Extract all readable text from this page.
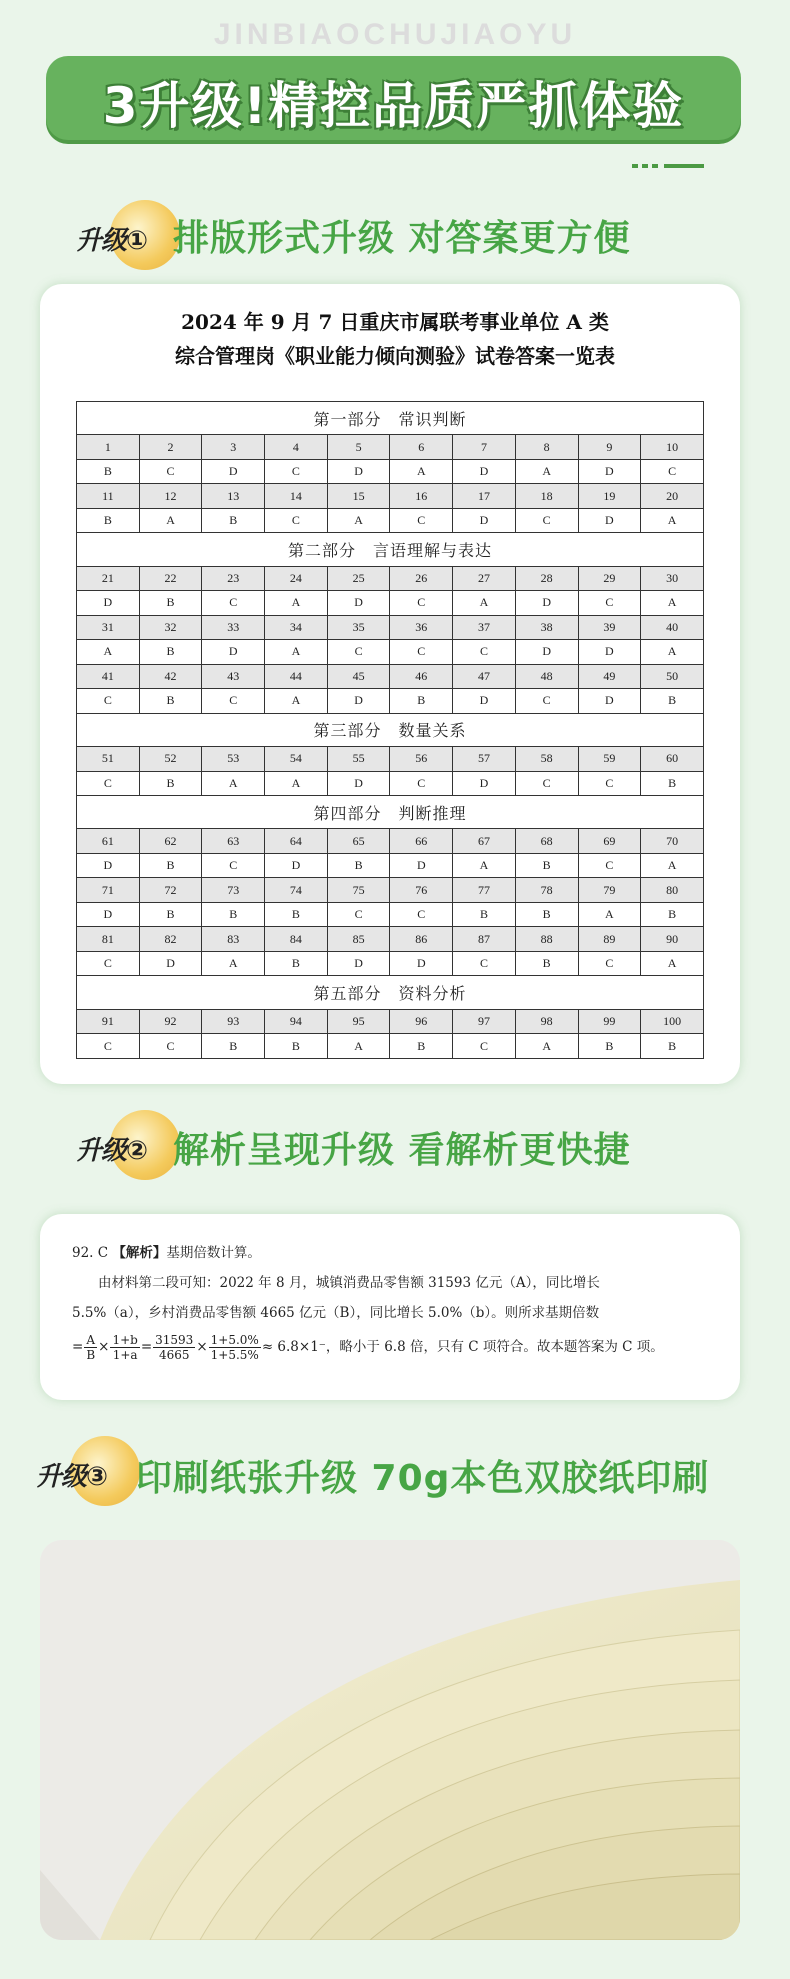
JINBIAOCHUJIAOYU
3升级!精控品质严抓体验
升级① 排版形式升级 对答案更方便
2024 年 9 月 7 日重庆市属联考事业单位 A 类
综合管理岗《职业能力倾向测验》试卷答案一览表
第一部分　常识判断									
1	2	3	4	5	6	7	8	9	10
B	C	D	C	D	A	D	A	D	C
11	12	13	14	15	16	17	18	19	20
B	A	B	C	A	C	D	C	D	A
第二部分　言语理解与表达									
21	22	23	24	25	26	27	28	29	30
D	B	C	A	D	C	A	D	C	A
31	32	33	34	35	36	37	38	39	40
A	B	D	A	C	C	C	D	D	A
41	42	43	44	45	46	47	48	49	50
C	B	C	A	D	B	D	C	D	B
第三部分　数量关系									
51	52	53	54	55	56	57	58	59	60
C	B	A	A	D	C	D	C	C	B
第四部分　判断推理									
61	62	63	64	65	66	67	68	69	70
D	B	C	D	B	D	A	B	C	A
71	72	73	74	75	76	77	78	79	80
D	B	B	B	C	C	B	B	A	B
81	82	83	84	85	86	87	88	89	90
C	D	A	B	D	D	C	B	C	A
第五部分　资料分析									
91	92	93	94	95	96	97	98	99	100
C	C	B	B	A	B	C	A	B	B
升级② 解析呈现升级 看解析更快捷
92. C 【解析】基期倍数计算。
由材料第二段可知：2022 年 8 月，城镇消费品零售额 31593 亿元（A），同比增长
5.5%（a），乡村消费品零售额 4665 亿元（B），同比增长 5.0%（b）。则所求基期倍数
= $\frac{A}{B} \times \frac{1+b}{1+a} = \frac{31593}{4665} \times \frac{1+5.0\%}{1+5.5\%} \approx 6.8\times 1^-$，略小于 6.8 倍，只有 C 项符合。故本题答案为 C 项。
升级③ 印刷纸张升级 70g本色双胶纸印刷
